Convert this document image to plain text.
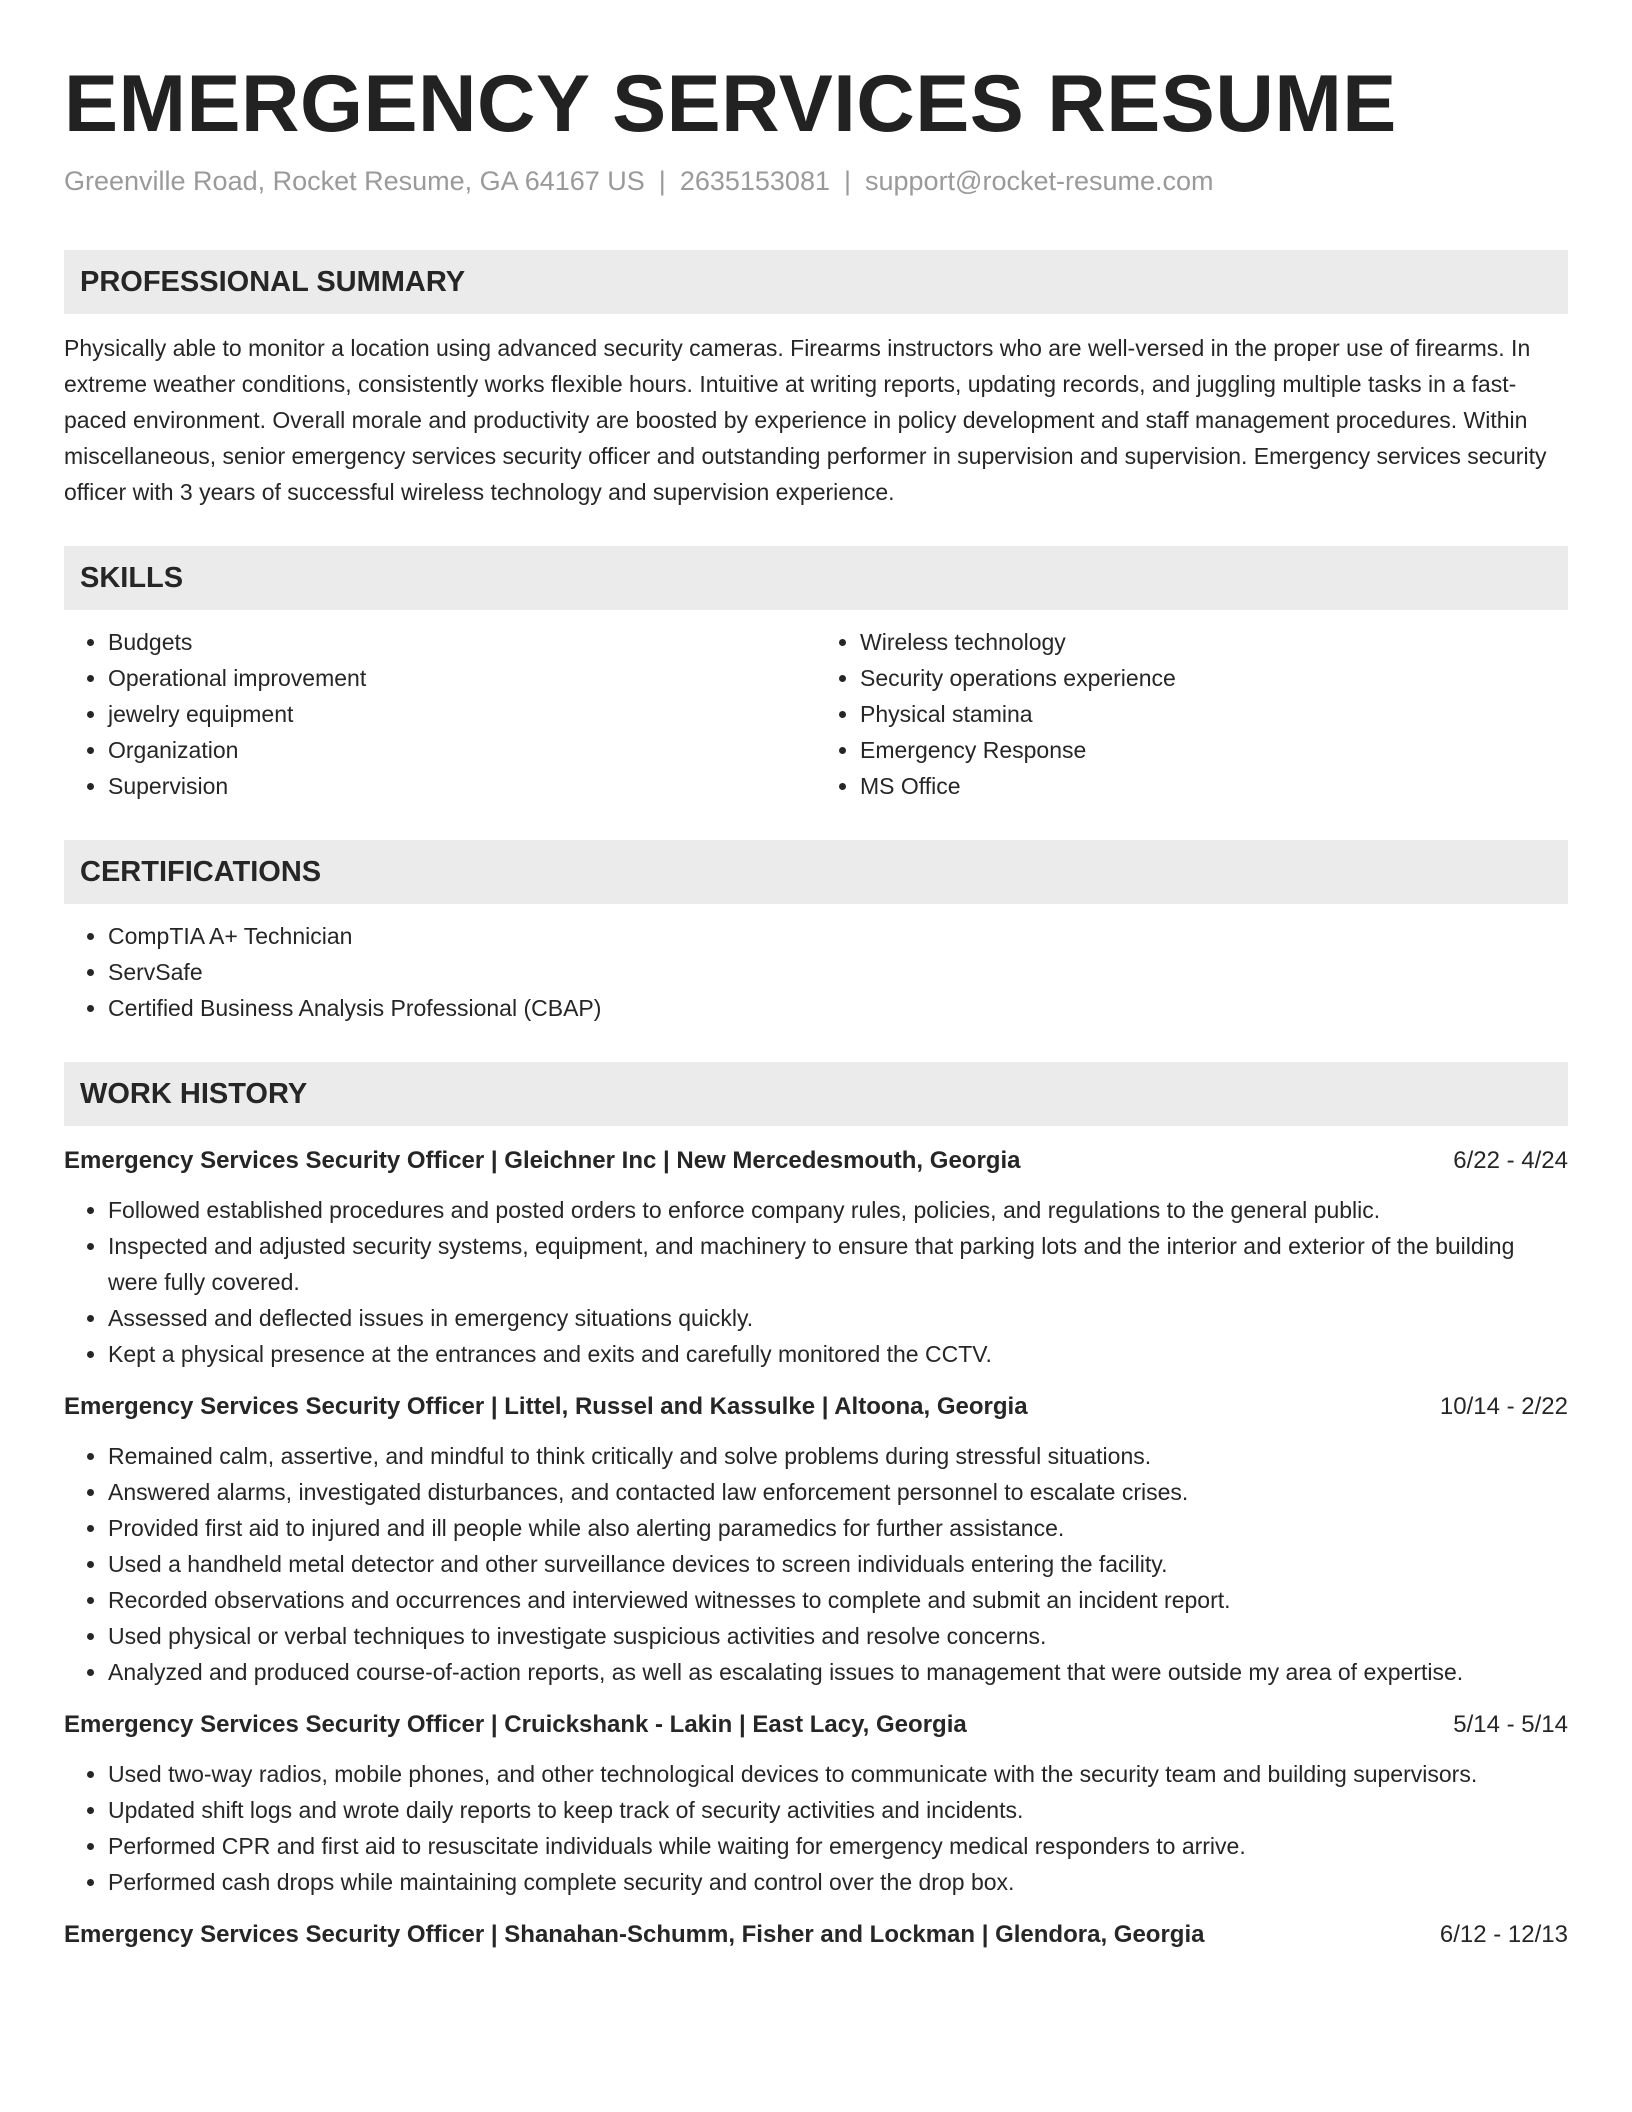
EMERGENCY SERVICES RESUME
Greenville Road, Rocket Resume, GA 64167 US | 2635153081 | support@rocket-resume.com
PROFESSIONAL SUMMARY

Physically able to monitor a location using advanced security cameras. Firearms instructors who are well-versed in the proper use of firearms. In extreme weather conditions, consistently works flexible hours. Intuitive at writing reports, updating records, and juggling multiple tasks in a fast-paced environment. Overall morale and productivity are boosted by experience in policy development and staff management procedures. Within miscellaneous, senior emergency services security officer and outstanding performer in supervision and supervision. Emergency services security officer with 3 years of successful wireless technology and supervision experience.

SKILLS
• Budgets
• Operational improvement
• jewelry equipment
• Organization
• Supervision
• Wireless technology
• Security operations experience
• Physical stamina
• Emergency Response
• MS Office
CERTIFICATIONS
• CompTIA A+ Technician
• ServSafe
• Certified Business Analysis Professional (CBAP)
WORK HISTORY
Emergency Services Security Officer | Gleichner Inc | New Mercedesmouth, Georgia	6/22 - 4/24
• Followed established procedures and posted orders to enforce company rules, policies, and regulations to the general public.
• Inspected and adjusted security systems, equipment, and machinery to ensure that parking lots and the interior and exterior of the building were fully covered.
• Assessed and deflected issues in emergency situations quickly.
• Kept a physical presence at the entrances and exits and carefully monitored the CCTV.
Emergency Services Security Officer | Littel, Russel and Kassulke | Altoona, Georgia	10/14 - 2/22
• Remained calm, assertive, and mindful to think critically and solve problems during stressful situations.
• Answered alarms, investigated disturbances, and contacted law enforcement personnel to escalate crises.
• Provided first aid to injured and ill people while also alerting paramedics for further assistance.
• Used a handheld metal detector and other surveillance devices to screen individuals entering the facility.
• Recorded observations and occurrences and interviewed witnesses to complete and submit an incident report.
• Used physical or verbal techniques to investigate suspicious activities and resolve concerns.
• Analyzed and produced course-of-action reports, as well as escalating issues to management that were outside my area of expertise.
Emergency Services Security Officer | Cruickshank - Lakin | East Lacy, Georgia	5/14 - 5/14
• Used two-way radios, mobile phones, and other technological devices to communicate with the security team and building supervisors.
• Updated shift logs and wrote daily reports to keep track of security activities and incidents.
• Performed CPR and first aid to resuscitate individuals while waiting for emergency medical responders to arrive.
• Performed cash drops while maintaining complete security and control over the drop box.
Emergency Services Security Officer | Shanahan-Schumm, Fisher and Lockman | Glendora, Georgia	6/12 - 12/13
